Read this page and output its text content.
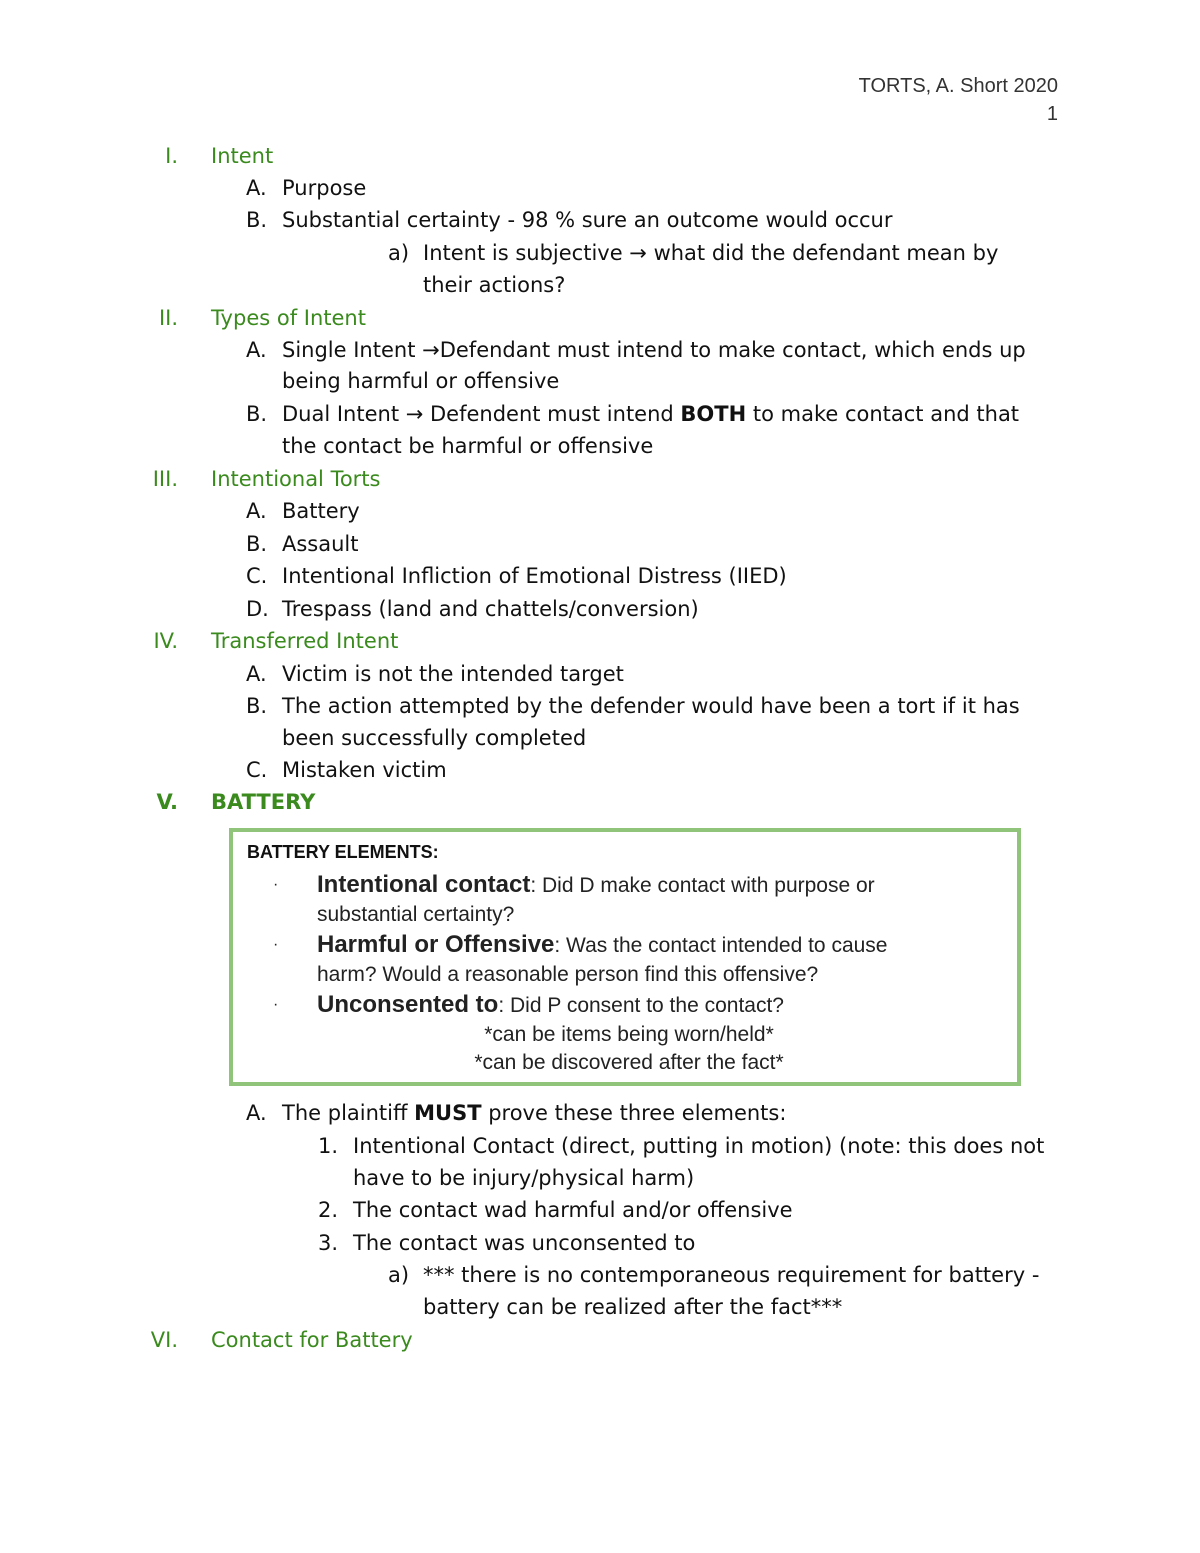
TORTS, A. Short 2020
1
I. Intent
A. Purpose
B. Substantial certainty - 98 % sure an outcome would occur
a) Intent is subjective → what did the defendant mean by
their actions?
II. Types of Intent
A. Single Intent →Defendant must intend to make contact, which ends up
being harmful or offensive
B. Dual Intent → Defendent must intend BOTH to make contact and that
the contact be harmful or offensive
III. Intentional Torts
A. Battery
B. Assault
C. Intentional Infliction of Emotional Distress (IIED)
D. Trespass (land and chattels/conversion)
IV. Transferred Intent
A. Victim is not the intended target
B. The action attempted by the defender would have been a tort if it has
been successfully completed
C. Mistaken victim
V. BATTERY
BATTERY ELEMENTS:
· Intentional contact: Did D make contact with purpose or
substantial certainty?
· Harmful or Offensive: Was the contact intended to cause
harm? Would a reasonable person find this offensive?
· Unconsented to: Did P consent to the contact?
*can be items being worn/held*
*can be discovered after the fact*
A. The plaintiff MUST prove these three elements:
1. Intentional Contact (direct, putting in motion) (note: this does not
have to be injury/physical harm)
2. The contact wad harmful and/or offensive
3. The contact was unconsented to
a) *** there is no contemporaneous requirement for battery -
battery can be realized after the fact***
VI. Contact for Battery
